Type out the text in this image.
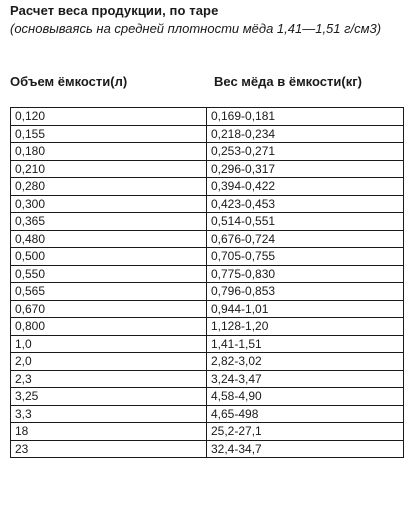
Расчет веса продукции, по таре
(основываясь на средней плотности мёда 1,41—1,51 г/см3)
Объем ёмкости(л)	Вес мёда в ёмкости(кг)
0,120	0,169-0,181
0,155	0,218-0,234
0,180	0,253-0,271
0,210	0,296-0,317
0,280	0,394-0,422
0,300	0,423-0,453
0,365	0,514-0,551
0,480	0,676-0,724
0,500	0,705-0,755
0,550	0,775-0,830
0,565	0,796-0,853
0,670	0,944-1,01
0,800	1,128-1,20
1,0	1,41-1,51
2,0	2,82-3,02
2,3	3,24-3,47
3,25	4,58-4,90
3,3	4,65-498
18	25,2-27,1
23	32,4-34,7
